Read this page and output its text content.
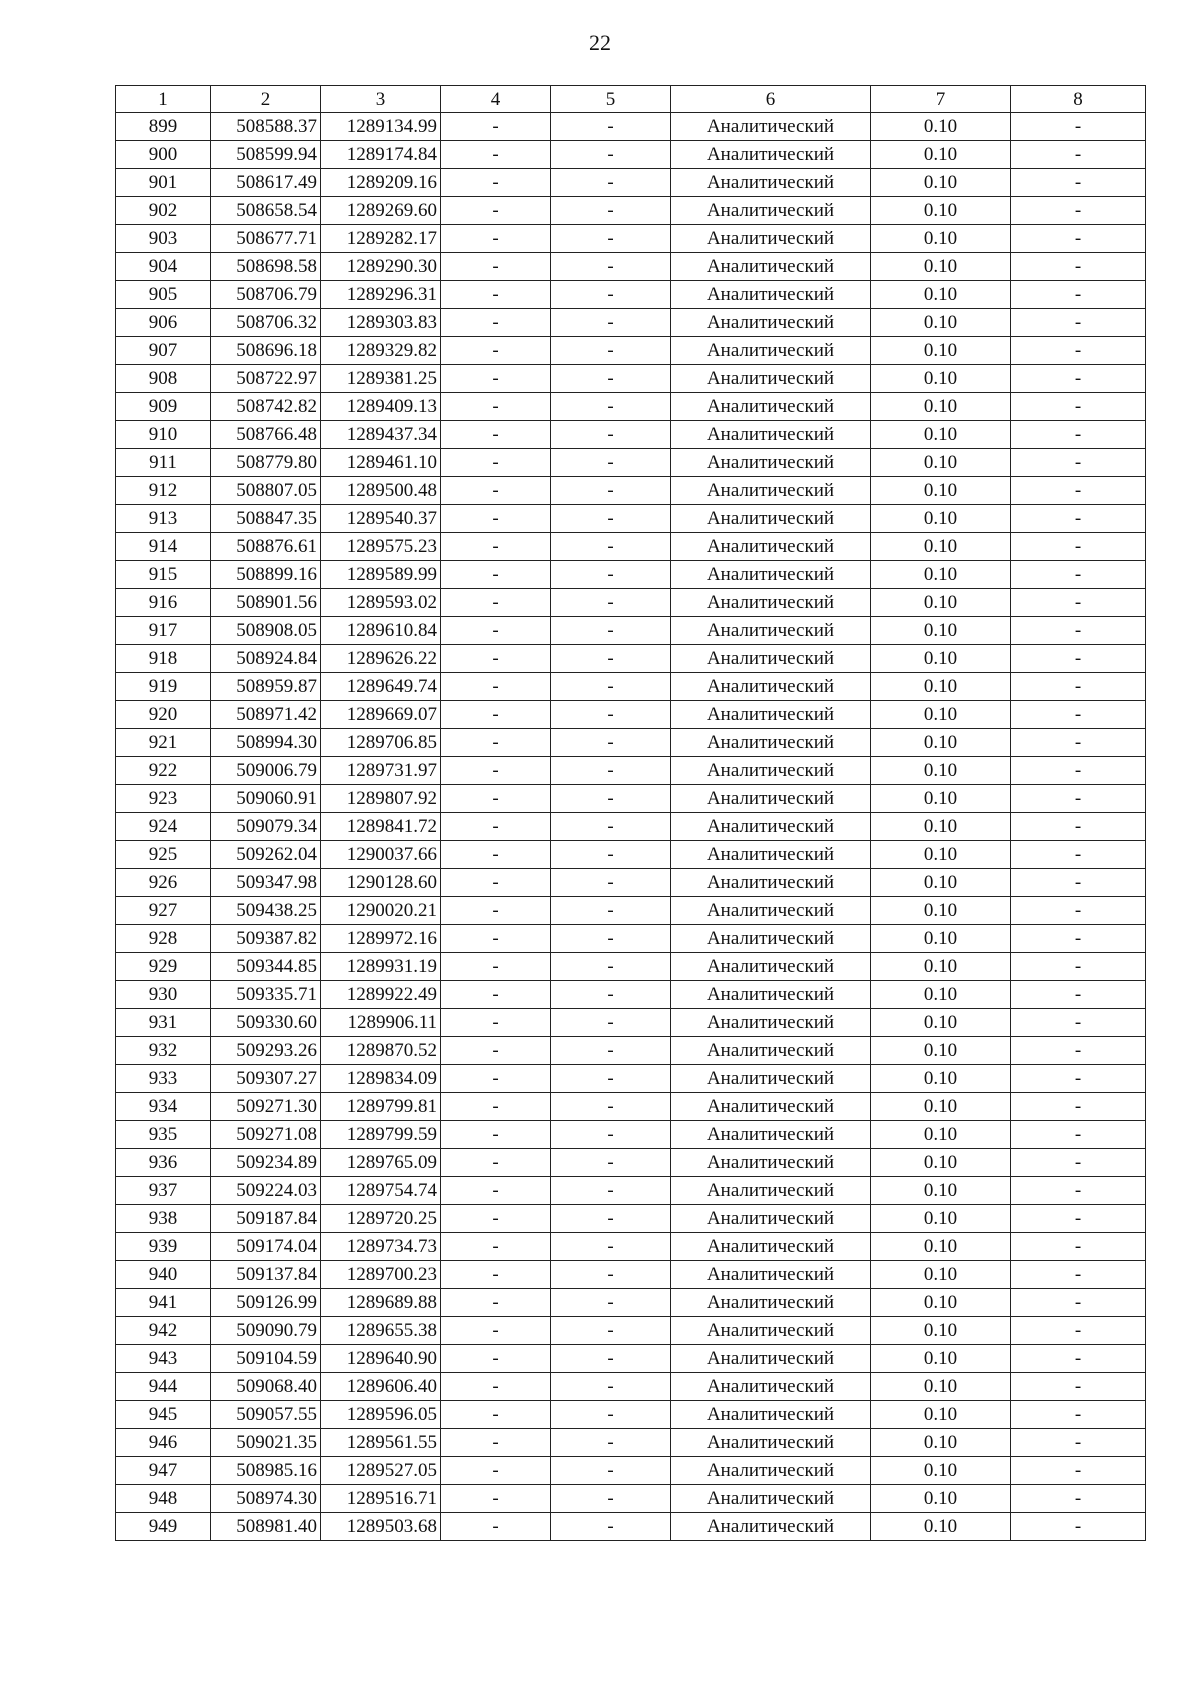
22
1	2	3	4	5	6	7	8
899	508588.37	1289134.99	-	-	Аналитический	0.10	-
900	508599.94	1289174.84	-	-	Аналитический	0.10	-
901	508617.49	1289209.16	-	-	Аналитический	0.10	-
902	508658.54	1289269.60	-	-	Аналитический	0.10	-
903	508677.71	1289282.17	-	-	Аналитический	0.10	-
904	508698.58	1289290.30	-	-	Аналитический	0.10	-
905	508706.79	1289296.31	-	-	Аналитический	0.10	-
906	508706.32	1289303.83	-	-	Аналитический	0.10	-
907	508696.18	1289329.82	-	-	Аналитический	0.10	-
908	508722.97	1289381.25	-	-	Аналитический	0.10	-
909	508742.82	1289409.13	-	-	Аналитический	0.10	-
910	508766.48	1289437.34	-	-	Аналитический	0.10	-
911	508779.80	1289461.10	-	-	Аналитический	0.10	-
912	508807.05	1289500.48	-	-	Аналитический	0.10	-
913	508847.35	1289540.37	-	-	Аналитический	0.10	-
914	508876.61	1289575.23	-	-	Аналитический	0.10	-
915	508899.16	1289589.99	-	-	Аналитический	0.10	-
916	508901.56	1289593.02	-	-	Аналитический	0.10	-
917	508908.05	1289610.84	-	-	Аналитический	0.10	-
918	508924.84	1289626.22	-	-	Аналитический	0.10	-
919	508959.87	1289649.74	-	-	Аналитический	0.10	-
920	508971.42	1289669.07	-	-	Аналитический	0.10	-
921	508994.30	1289706.85	-	-	Аналитический	0.10	-
922	509006.79	1289731.97	-	-	Аналитический	0.10	-
923	509060.91	1289807.92	-	-	Аналитический	0.10	-
924	509079.34	1289841.72	-	-	Аналитический	0.10	-
925	509262.04	1290037.66	-	-	Аналитический	0.10	-
926	509347.98	1290128.60	-	-	Аналитический	0.10	-
927	509438.25	1290020.21	-	-	Аналитический	0.10	-
928	509387.82	1289972.16	-	-	Аналитический	0.10	-
929	509344.85	1289931.19	-	-	Аналитический	0.10	-
930	509335.71	1289922.49	-	-	Аналитический	0.10	-
931	509330.60	1289906.11	-	-	Аналитический	0.10	-
932	509293.26	1289870.52	-	-	Аналитический	0.10	-
933	509307.27	1289834.09	-	-	Аналитический	0.10	-
934	509271.30	1289799.81	-	-	Аналитический	0.10	-
935	509271.08	1289799.59	-	-	Аналитический	0.10	-
936	509234.89	1289765.09	-	-	Аналитический	0.10	-
937	509224.03	1289754.74	-	-	Аналитический	0.10	-
938	509187.84	1289720.25	-	-	Аналитический	0.10	-
939	509174.04	1289734.73	-	-	Аналитический	0.10	-
940	509137.84	1289700.23	-	-	Аналитический	0.10	-
941	509126.99	1289689.88	-	-	Аналитический	0.10	-
942	509090.79	1289655.38	-	-	Аналитический	0.10	-
943	509104.59	1289640.90	-	-	Аналитический	0.10	-
944	509068.40	1289606.40	-	-	Аналитический	0.10	-
945	509057.55	1289596.05	-	-	Аналитический	0.10	-
946	509021.35	1289561.55	-	-	Аналитический	0.10	-
947	508985.16	1289527.05	-	-	Аналитический	0.10	-
948	508974.30	1289516.71	-	-	Аналитический	0.10	-
949	508981.40	1289503.68	-	-	Аналитический	0.10	-
